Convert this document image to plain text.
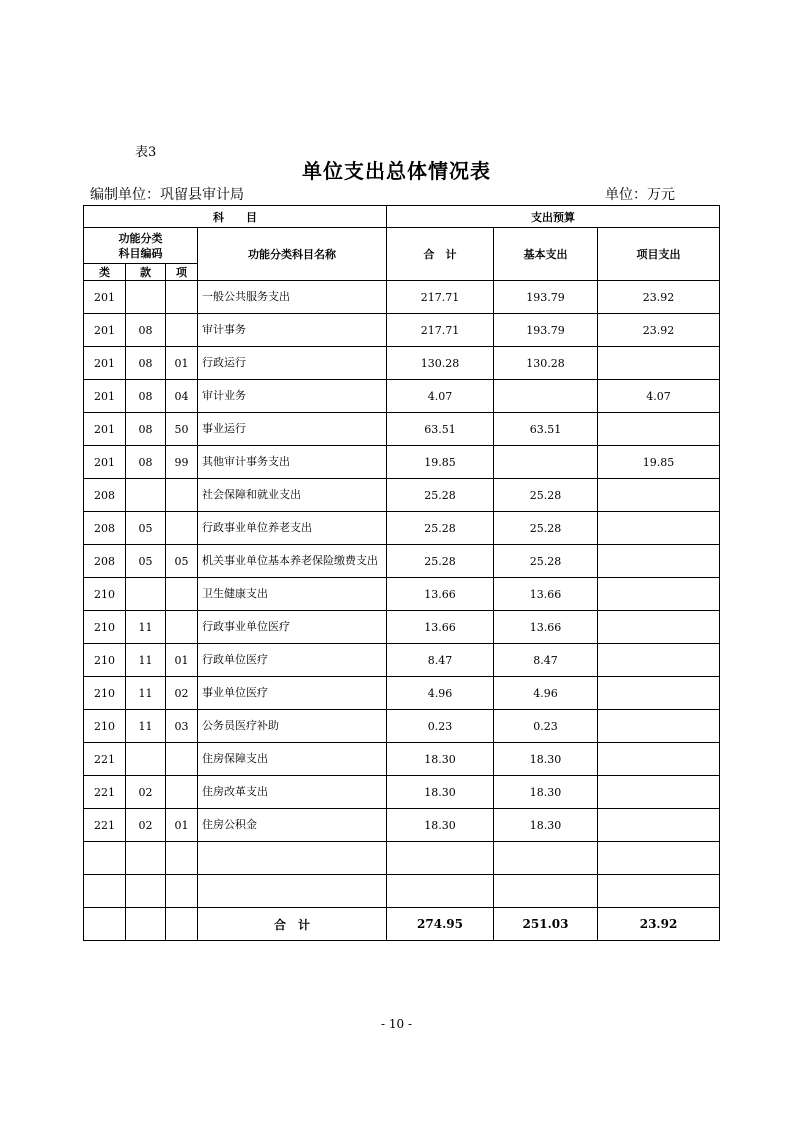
表3
单位支出总体情况表
编制单位：巩留县审计局	单位：万元
科　　目				支出预算		

功能分类
科目编码			功能分类科目名称	合　计	基本支出	项目支出
类	款	项				
201			一般公共服务支出	217.71	193.79	23.92
201	08		审计事务	217.71	193.79	23.92
201	08	01	行政运行	130.28	130.28	
201	08	04	审计业务	4.07		4.07
201	08	50	事业运行	63.51	63.51	
201	08	99	其他审计事务支出	19.85		19.85
208			社会保障和就业支出	25.28	25.28	
208	05		行政事业单位养老支出	25.28	25.28	
208	05	05	机关事业单位基本养老保险缴费支出	25.28	25.28	
210			卫生健康支出	13.66	13.66	
210	11		行政事业单位医疗	13.66	13.66	
210	11	01	行政单位医疗	8.47	8.47	
210	11	02	事业单位医疗	4.96	4.96	
210	11	03	公务员医疗补助	0.23	0.23	
221			住房保障支出	18.30	18.30	
221	02		住房改革支出	18.30	18.30	
221	02	01	住房公积金	18.30	18.30	

			合　计	274.95	251.03	23.92
- 10 -
